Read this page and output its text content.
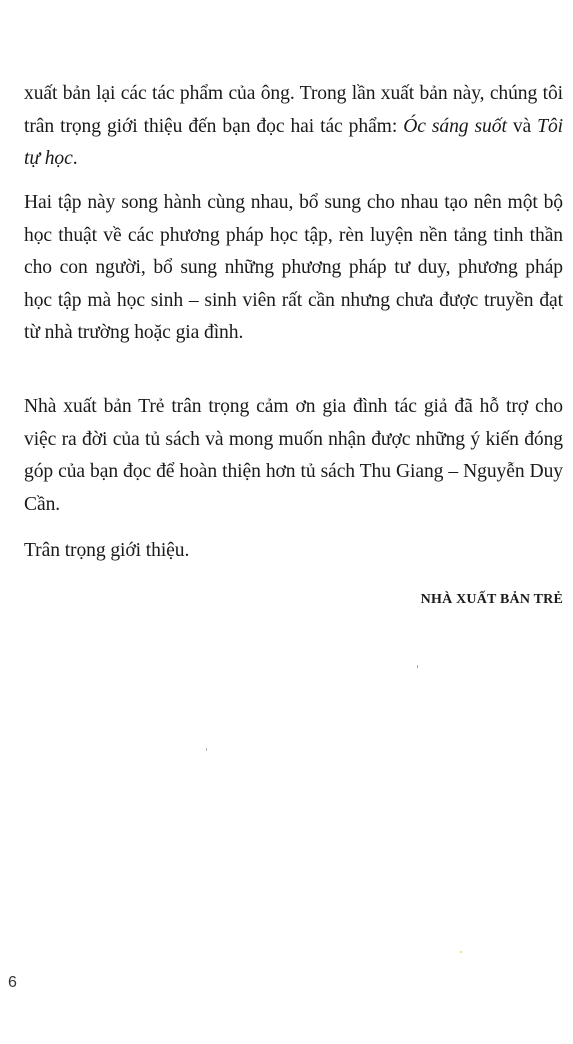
xuất bản lại các tác phẩm của ông. Trong lần xuất bản này, chúng tôi trân trọng giới thiệu đến bạn đọc hai tác phẩm: Óc sáng suốt và Tôi tự học.
Hai tập này song hành cùng nhau, bổ sung cho nhau tạo nên một bộ học thuật về các phương pháp học tập, rèn luyện nền tảng tinh thần cho con người, bổ sung những phương pháp tư duy, phương pháp học tập mà học sinh – sinh viên rất cần nhưng chưa được truyền đạt từ nhà trường hoặc gia đình.
Nhà xuất bản Trẻ trân trọng cảm ơn gia đình tác giả đã hỗ trợ cho việc ra đời của tủ sách và mong muốn nhận được những ý kiến đóng góp của bạn đọc để hoàn thiện hơn tủ sách Thu Giang – Nguyễn Duy Cần.
Trân trọng giới thiệu.
NHÀ XUẤT BẢN TRẺ
6
